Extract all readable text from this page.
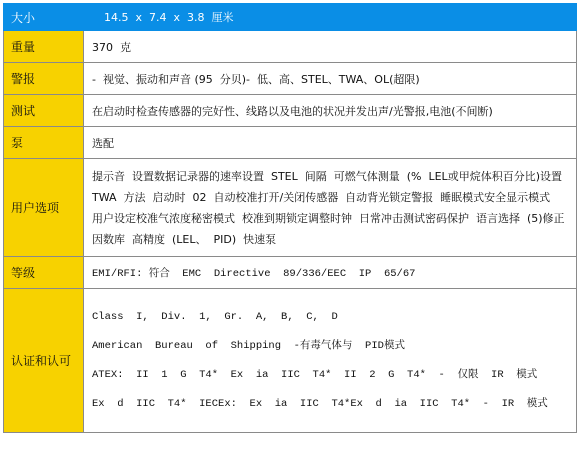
大小	14.5  x  7.4  x  3.8  厘米
重量	370  克
警报	-  视觉、振动和声音 (95  分贝)-  低、高、STEL、TWA、OL(超限)
测试	在启动时检查传感器的完好性、线路以及电池的状况并发出声/光警报,电池(不间断)
泵	选配
用户选项	提示音  设置数据记录器的速率设置  STEL  间隔  可燃气体测量  (%  LEL或甲烷体积百分比)设置  TWA  方法  启动时  02  自动校准打开/关闭传感器  自动背光锁定警报  睡眠模式安全显示模式  用户设定校准气浓度秘密模式  校准到期锁定调整时钟  日常冲击测试密码保护  语言选择  (5)修正因数库  高精度  (LEL、  PID)  快速泵
等级	EMI/RFI: 符合  EMC  Directive  89/336/EEC  IP  65/67
认证和认可	Class  I,  Div.  1,  Gr.  A,  B,  C,  D
American  Bureau  of  Shipping  -有毒气体与  PID模式
ATEX:  II  1  G  T4*  Ex  ia  IIC  T4*  II  2  G  T4*  -  仅限  IR  模式
Ex  d  IIC  T4*  IECEx:  Ex  ia  IIC  T4*Ex  d  ia  IIC  T4*  -  IR  模式
